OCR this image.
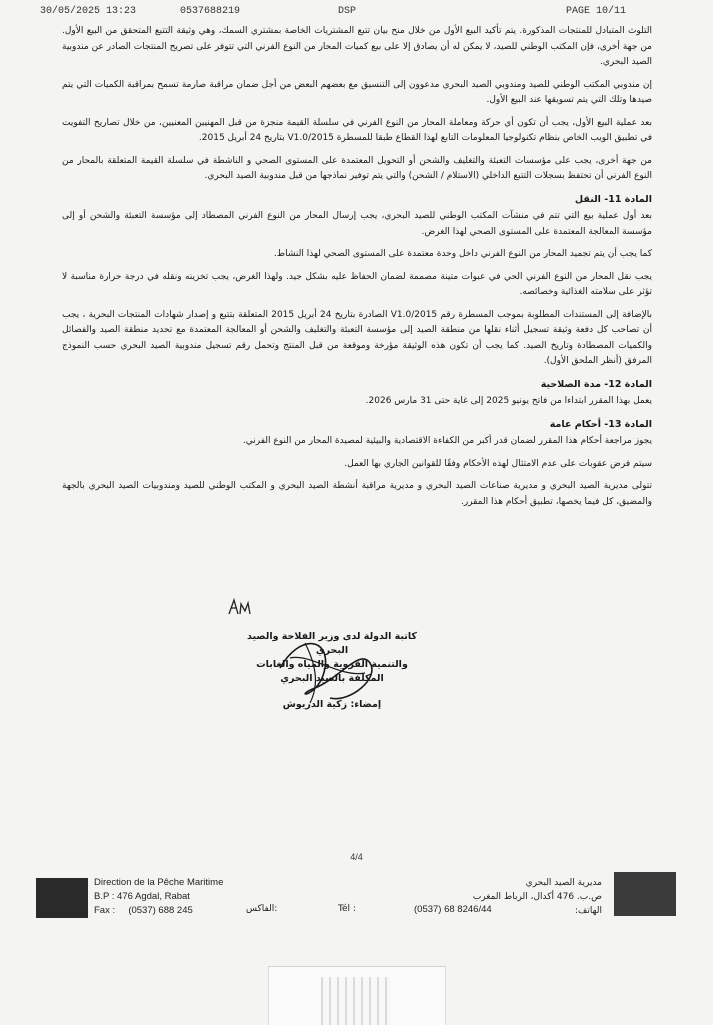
30/05/2025 13:23	0537688219	DSP	PAGE 10/11
التلوث المتبادل للمنتجات المذكورة. يتم تأكيد البيع الأول من خلال منح بيان تتبع المشتريات الخاصة بمشتري السمك، وهي وثيقة التتبع المتحقق من البيع الأول. من جهة أخرى، فإن المكتب الوطني للصيد، لا يمكن له أن يصادق إلا على بيع كميات المحار من النوع الفرني التي تتوفر على تصريح المنتجات الصادر عن مندوبية الصيد البحري.
إن مندوبي المكتب الوطني للصيد ومندوبي الصيد البحري مدعوون إلى التنسيق مع بعضهم البعض من أجل ضمان مراقبة صارمة تسمح بمراقبة الكميات التي يتم صيدها وتلك التي يتم تسويقها عند البيع الأول.
بعد عملية البيع الأول، يجب أن تكون أي حركة ومعاملة المحار من النوع الفرني في سلسلة القيمة منجزة من قبل المهنيين المعنيين، من خلال تصاريح التفويت في تطبيق الويب الخاص بنظام تكنولوجيا المعلومات التابع لهذا القطاع طبقا للمسطرة V1.0/2015 بتاريخ 24 أبريل 2015.
من جهة أخرى، يجب على مؤسسات التعبئة والتغليف والشحن أو التحويل المعتمدة على المستوى الصحي و الناشطة في سلسلة القيمة المتعلقة بالمحار من النوع الفرني أن تحتفظ بسجلات التتبع الداخلي (الاستلام / الشحن) والتي يتم توفير نماذجها من قبل مندوبية الصيد البحري.
المادة 11- النقل
بعد أول عملية بيع التي تتم في منشآت المكتب الوطني للصيد البحري، يجب إرسال المحار من النوع الفرني المصطاد إلى مؤسسة التعبئة والشحن أو إلى مؤسسة المعالجة المعتمدة على المستوى الصحي لهذا الغرض.
كما يجب أن يتم تجميد المحار من النوع الفرني داخل وحدة معتمدة على المستوى الصحي لهذا النشاط.
يجب نقل المحار من النوع الفرني الحي في عبوات متينة مصممة لضمان الحفاظ عليه بشكل جيد. ولهذا الغرض، يجب تخزينه ونقله في درجة حرارة مناسبة لا تؤثر على سلامته الغذائية وخصائصه.
بالإضافة إلى المستندات المطلوبة بموجب المسطرة رقم V1.0/2015 الصادرة بتاريخ 24 أبريل 2015 المتعلقة بتتبع و إصدار شهادات المنتجات البحرية ، يجب أن تصاحب كل دفعة وثيقة تسجيل أثناء نقلها من منطقة الصيد إلى مؤسسة التعبئة والتغليف والشحن أو المعالجة المعتمدة مع تحديد منطقة الصيد والفصائل والكميات المصطادة وتاريخ الصيد. كما يجب أن تكون هذه الوثيقة مؤرخة وموقعة من قبل المنتج وتحمل رقم تسجيل مندوبية الصيد البحري حسب النموذج المرفق (أنظر الملحق الأول).
المادة 12- مدة الصلاحية
يعمل بهذا المقرر ابتداءا من فاتح يونيو 2025 إلى غاية حتى 31 مارس 2026.
المادة 13- أحكام عامة
يجوز مراجعة أحكام هذا المقرر لضمان قدر أكبر من الكفاءة الاقتصادية والبيئية لمصيدة المحار من النوع الفرني.
سيتم فرض عقوبات على عدم الامتثال لهذه الأحكام وفقًا للقوانين الجاري بها العمل.
تتولى مديرية الصيد البحري و مديرية صناعات الصيد البحري و مديرية مراقبة أنشطة الصيد البحري و المكتب الوطني للصيد ومندوبيات الصيد البحري بالجهة والمضيق، كل فيما يخصها، تطبيق أحكام هذا المقرر.
كاتبة الدولة لدى وزير الفلاحة والصيد البحري
والتنمية القروية والمياه والغابات
المكلفة بالصيد البحري
إمضاء: زكية الدريوش
4/4
Direction de la Pêche Maritime
B.P : 476 Agdal, Rabat
Fax : (0537) 688 245	الفاكس:	Tél :	(0537) 68 8246/44
مديرية الصيد البحري
ص.ب. 476 أكدال، الرباط المغرب
الهاتف:
